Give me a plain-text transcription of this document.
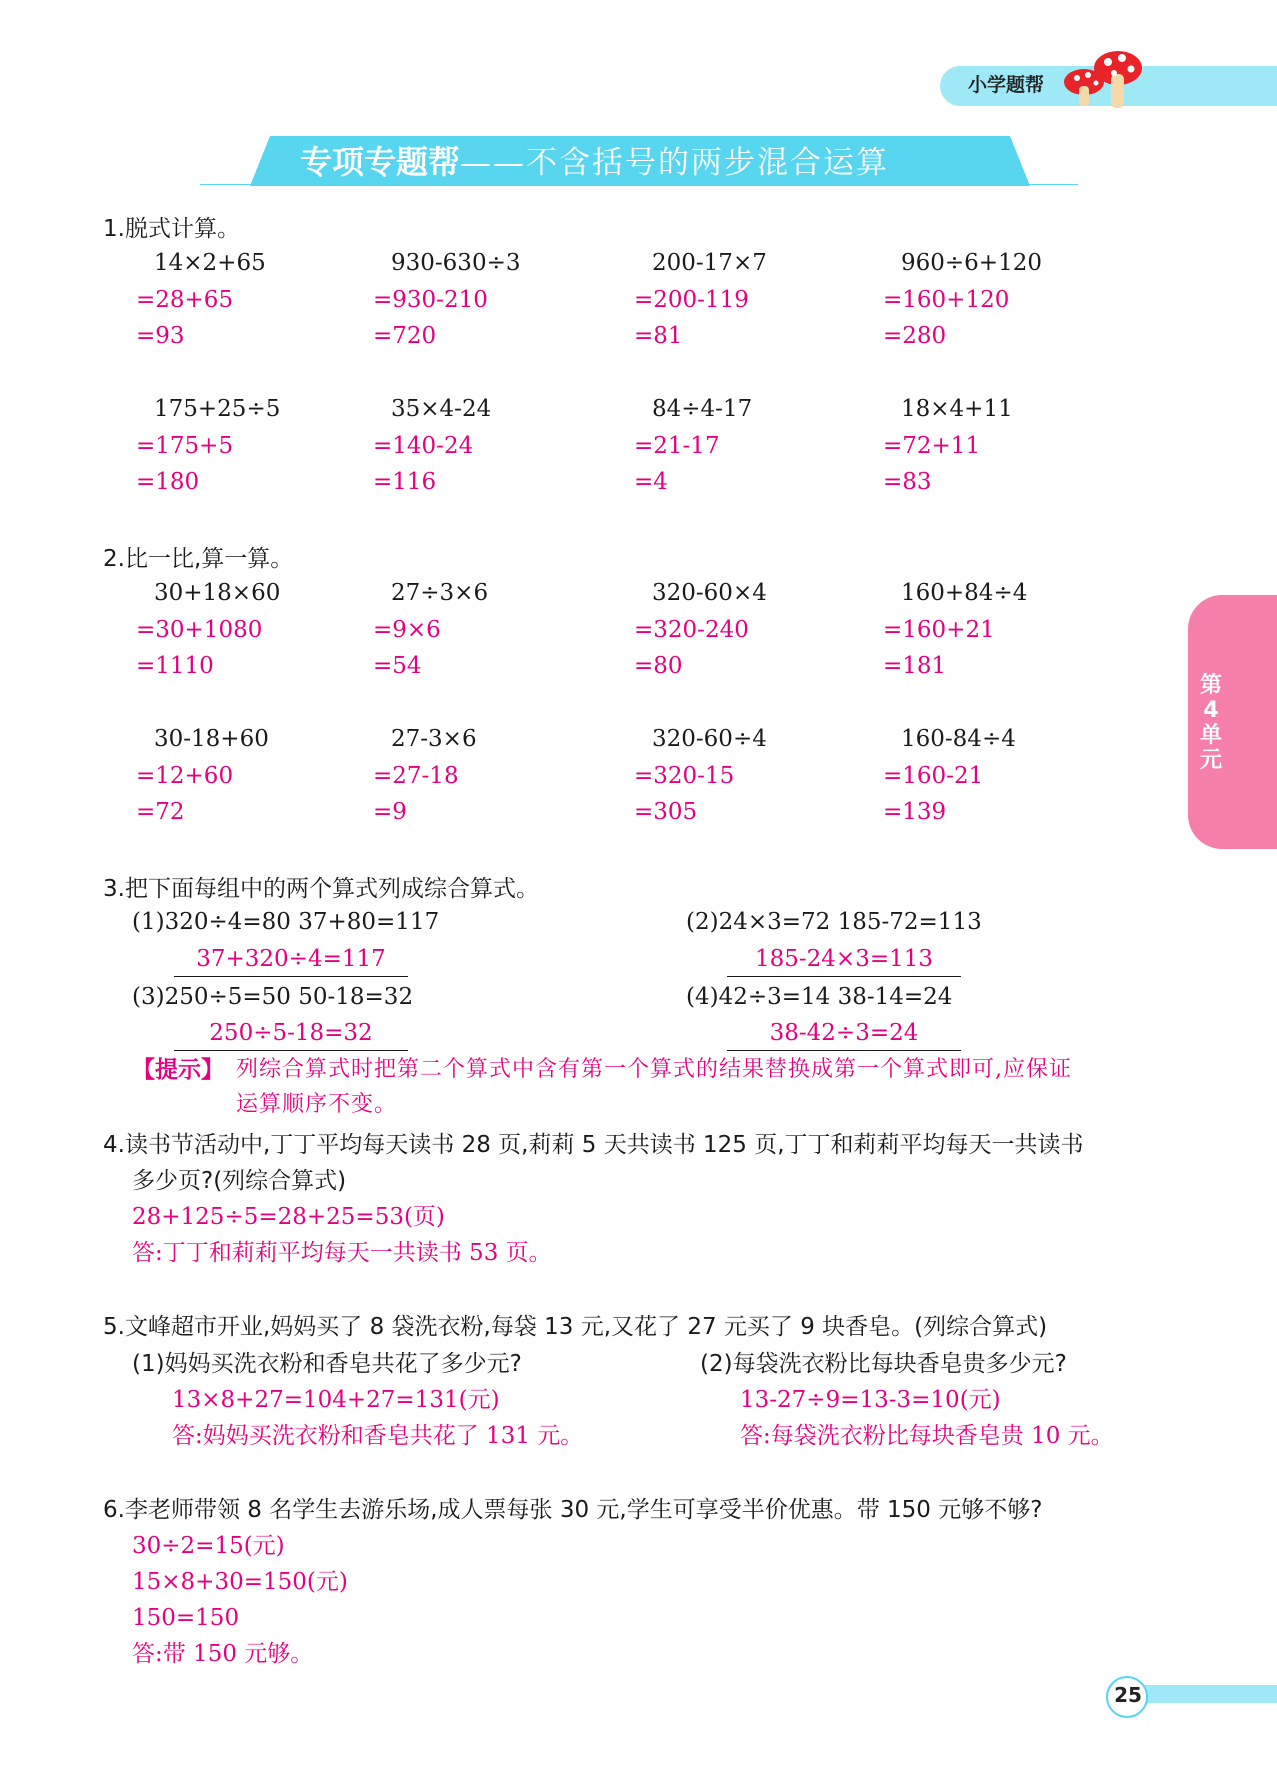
小学题帮
专项专题帮——不含括号的两步混合运算
第4单元
1.脱式计算。
14×2+65
=28+65
=93
930-630÷3
=930-210
=720
200-17×7
=200-119
=81
960÷6+120
=160+120
=280
175+25÷5
=175+5
=180
35×4-24
=140-24
=116
84÷4-17
=21-17
=4
18×4+11
=72+11
=83
2.比一比,算一算。
30+18×60
=30+1080
=1110
27÷3×6
=9×6
=54
320-60×4
=320-240
=80
160+84÷4
=160+21
=181
30-18+60
=12+60
=72
27-3×6
=27-18
=9
320-60÷4
=320-15
=305
160-84÷4
=160-21
=139
3.把下面每组中的两个算式列成综合算式。
(1)320÷4=80 37+80=117
37+320÷4=117
(2)24×3=72 185-72=113
185-24×3=113
(3)250÷5=50 50-18=32
250÷5-18=32
(4)42÷3=14 38-14=24
38-42÷3=24
【提示】 列综合算式时把第二个算式中含有第一个算式的结果替换成第一个算式即可,应保证
运算顺序不变。
4.读书节活动中,丁丁平均每天读书 28 页,莉莉 5 天共读书 125 页,丁丁和莉莉平均每天一共读书
多少页?(列综合算式)
28+125÷5=28+25=53(页)
答:丁丁和莉莉平均每天一共读书 53 页。
5.文峰超市开业,妈妈买了 8 袋洗衣粉,每袋 13 元,又花了 27 元买了 9 块香皂。(列综合算式)
(1)妈妈买洗衣粉和香皂共花了多少元?
13×8+27=104+27=131(元)
答:妈妈买洗衣粉和香皂共花了 131 元。
(2)每袋洗衣粉比每块香皂贵多少元?
13-27÷9=13-3=10(元)
答:每袋洗衣粉比每块香皂贵 10 元。
6.李老师带领 8 名学生去游乐场,成人票每张 30 元,学生可享受半价优惠。带 150 元够不够?
30÷2=15(元)
15×8+30=150(元)
150=150
答:带 150 元够。
25
